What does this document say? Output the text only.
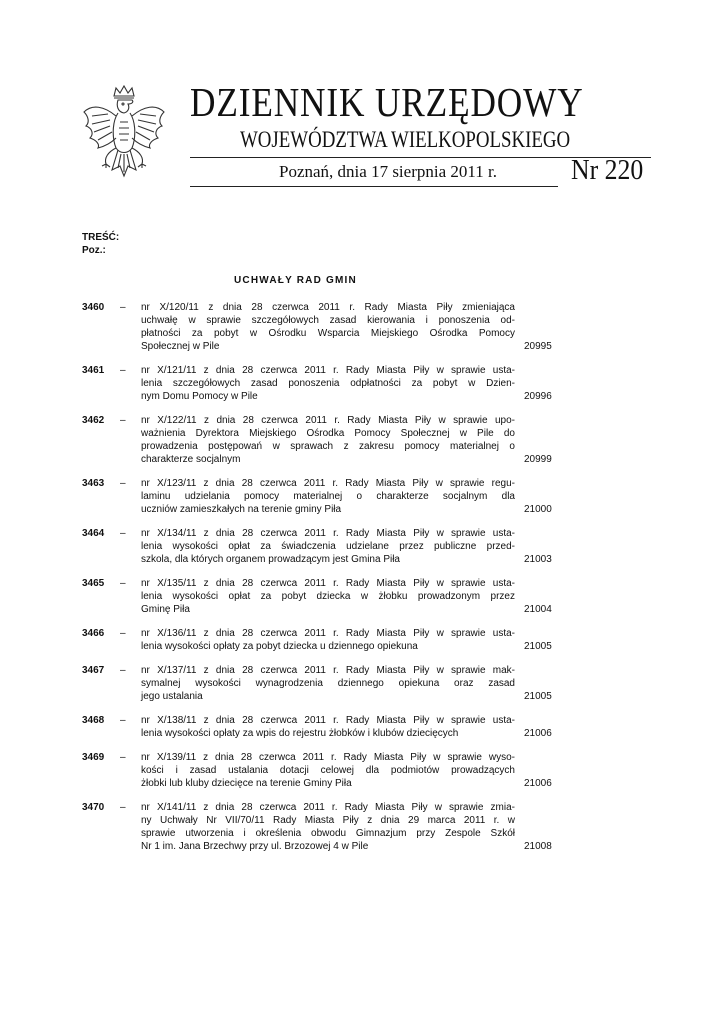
DZIENNIK URZĘDOWY
WOJEWÓDZTWA WIELKOPOLSKIEGO
Poznań, dnia 17 sierpnia 2011 r.	Nr 220
TREŚĆ:
Poz.:
UCHWAŁY RAD GMIN
3460 – nr X/120/11 z dnia 28 czerwca 2011 r. Rady Miasta Piły zmieniająca
uchwałę w sprawie szczegółowych zasad kierowania i ponoszenia od-
płatności za pobyt w Ośrodku Wsparcia Miejskiego Ośrodka Pomocy
Społecznej w Pile	20995
3461 – nr X/121/11 z dnia 28 czerwca 2011 r. Rady Miasta Piły w sprawie usta-
lenia szczegółowych zasad ponoszenia odpłatności za pobyt w Dzien-
nym Domu Pomocy w Pile	20996
3462 – nr X/122/11 z dnia 28 czerwca 2011 r. Rady Miasta Piły w sprawie upo-
ważnienia Dyrektora Miejskiego Ośrodka Pomocy Społecznej w Pile do
prowadzenia postępowań w sprawach z zakresu pomocy materialnej o
charakterze socjalnym	20999
3463 – nr X/123/11 z dnia 28 czerwca 2011 r. Rady Miasta Piły w sprawie regu-
laminu udzielania pomocy materialnej o charakterze socjalnym dla
uczniów zamieszkałych na terenie gminy Piła	21000
3464 – nr X/134/11 z dnia 28 czerwca 2011 r. Rady Miasta Piły w sprawie usta-
lenia wysokości opłat za świadczenia udzielane przez publiczne przed-
szkola, dla których organem prowadzącym jest Gmina Piła	21003
3465 – nr X/135/11 z dnia 28 czerwca 2011 r. Rady Miasta Piły w sprawie usta-
lenia wysokości opłat za pobyt dziecka w żłobku prowadzonym przez
Gminę Piła	21004
3466 – nr X/136/11 z dnia 28 czerwca 2011 r. Rady Miasta Piły w sprawie usta-
lenia wysokości opłaty za pobyt dziecka u dziennego opiekuna	21005
3467 – nr X/137/11 z dnia 28 czerwca 2011 r. Rady Miasta Piły w sprawie mak-
symalnej wysokości wynagrodzenia dziennego opiekuna oraz zasad
jego ustalania	21005
3468 – nr X/138/11 z dnia 28 czerwca 2011 r. Rady Miasta Piły w sprawie usta-
lenia wysokości opłaty za wpis do rejestru żłobków i klubów dziecięcych	21006
3469 – nr X/139/11 z dnia 28 czerwca 2011 r. Rady Miasta Piły w sprawie wyso-
kości i zasad ustalania dotacji celowej dla podmiotów prowadzących
żłobki lub kluby dziecięce na terenie Gminy Piła	21006
3470 – nr X/141/11 z dnia 28 czerwca 2011 r. Rady Miasta Piły w sprawie zmia-
ny Uchwały Nr VII/70/11 Rady Miasta Piły z dnia 29 marca 2011 r. w
sprawie utworzenia i określenia obwodu Gimnazjum przy Zespole Szkół
Nr 1 im. Jana Brzechwy przy ul. Brzozowej 4 w Pile	21008
